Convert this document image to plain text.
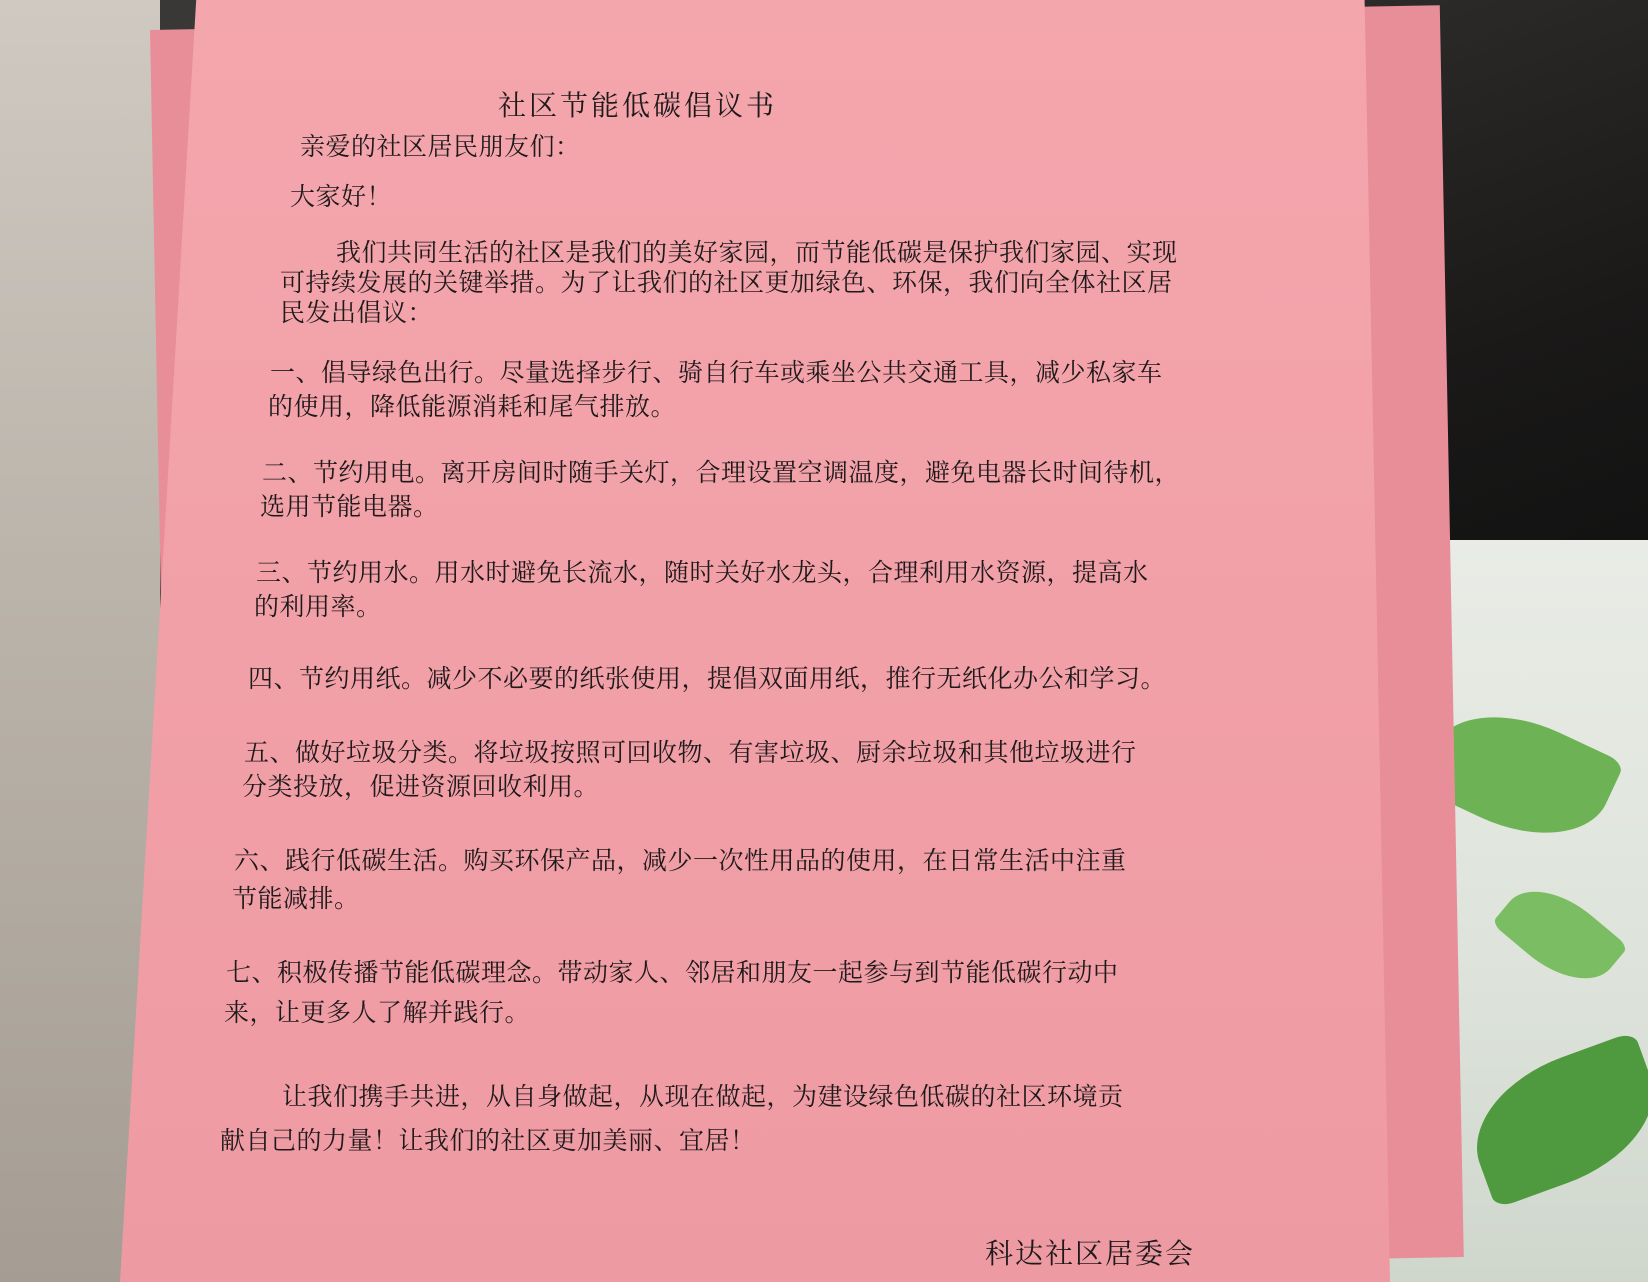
社区节能低碳倡议书
亲爱的社区居民朋友们：
大家好！
我们共同生活的社区是我们的美好家园，而节能低碳是保护我们家园、实现
可持续发展的关键举措。为了让我们的社区更加绿色、环保，我们向全体社区居
民发出倡议：
一、倡导绿色出行。尽量选择步行、骑自行车或乘坐公共交通工具，减少私家车
的使用，降低能源消耗和尾气排放。
二、节约用电。离开房间时随手关灯，合理设置空调温度，避免电器长时间待机，
选用节能电器。
三、节约用水。用水时避免长流水，随时关好水龙头，合理利用水资源，提高水
的利用率。
四、节约用纸。减少不必要的纸张使用，提倡双面用纸，推行无纸化办公和学习。
五、做好垃圾分类。将垃圾按照可回收物、有害垃圾、厨余垃圾和其他垃圾进行
分类投放，促进资源回收利用。
六、践行低碳生活。购买环保产品，减少一次性用品的使用，在日常生活中注重
节能减排。
七、积极传播节能低碳理念。带动家人、邻居和朋友一起参与到节能低碳行动中
来，让更多人了解并践行。
让我们携手共进，从自身做起，从现在做起，为建设绿色低碳的社区环境贡
献自己的力量！让我们的社区更加美丽、宜居！
科达社区居委会
